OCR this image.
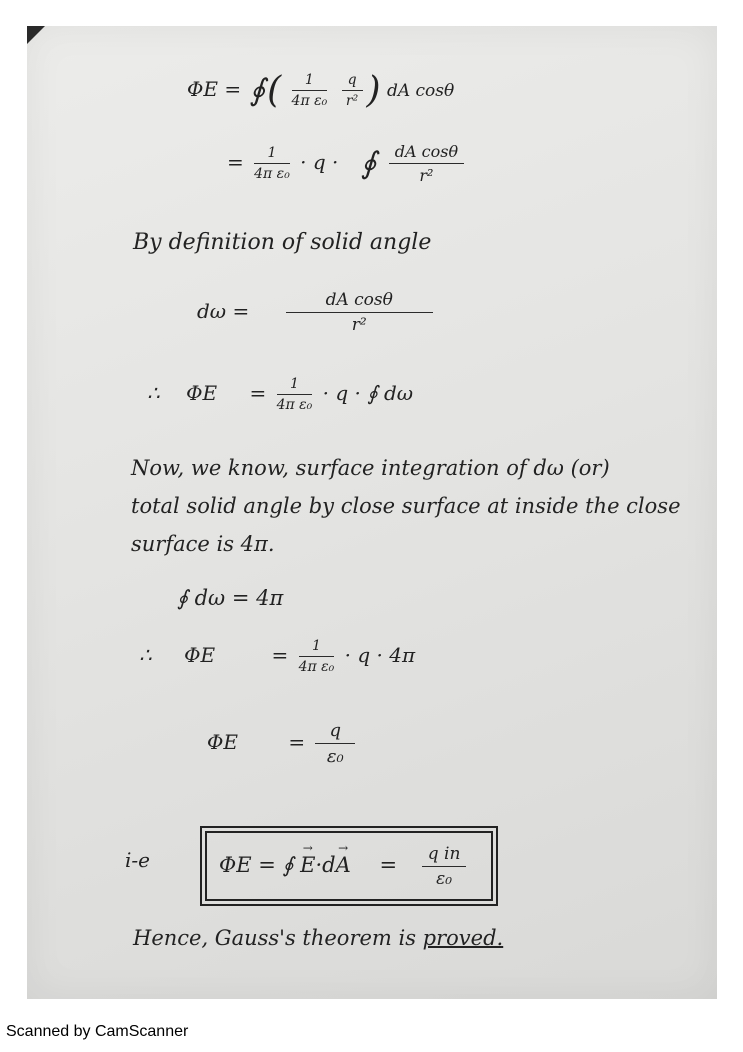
ΦE = ∮( $\frac{1}{\text{4π ε₀}}$
$\frac{q}{\text{r²}}$ ) dA cosθ
= $\frac{1}{\text{4π ε₀}} \cdot q$ · ∮ $\frac{\text{dA cosθ}}{\text{r²}}$
By definition of solid angle
$d\omega = \frac{\text{dA cosθ}}{\text{r²}}$
∴ $\Phi E = \frac{1}{\text{4π ε₀}} \cdot q$ · ∮ dω
Now, we know, surface integration of dω (or)
total solid angle by close surface at inside the close
surface is 4π.
∮ dω = 4π
∴ ΦE	= $\frac{1}{\text{4π ε₀}} \cdot q \cdot 4\pi$
ΦE	= $\frac{q}{\text{ε₀}}$
i-e	ΦE = ∮ → $E\cdot d\to A = \frac{\text{q in}}{\text{ε₀}}$
Hence, Gauss's theorem is proved.
Scanned by CamScanner
